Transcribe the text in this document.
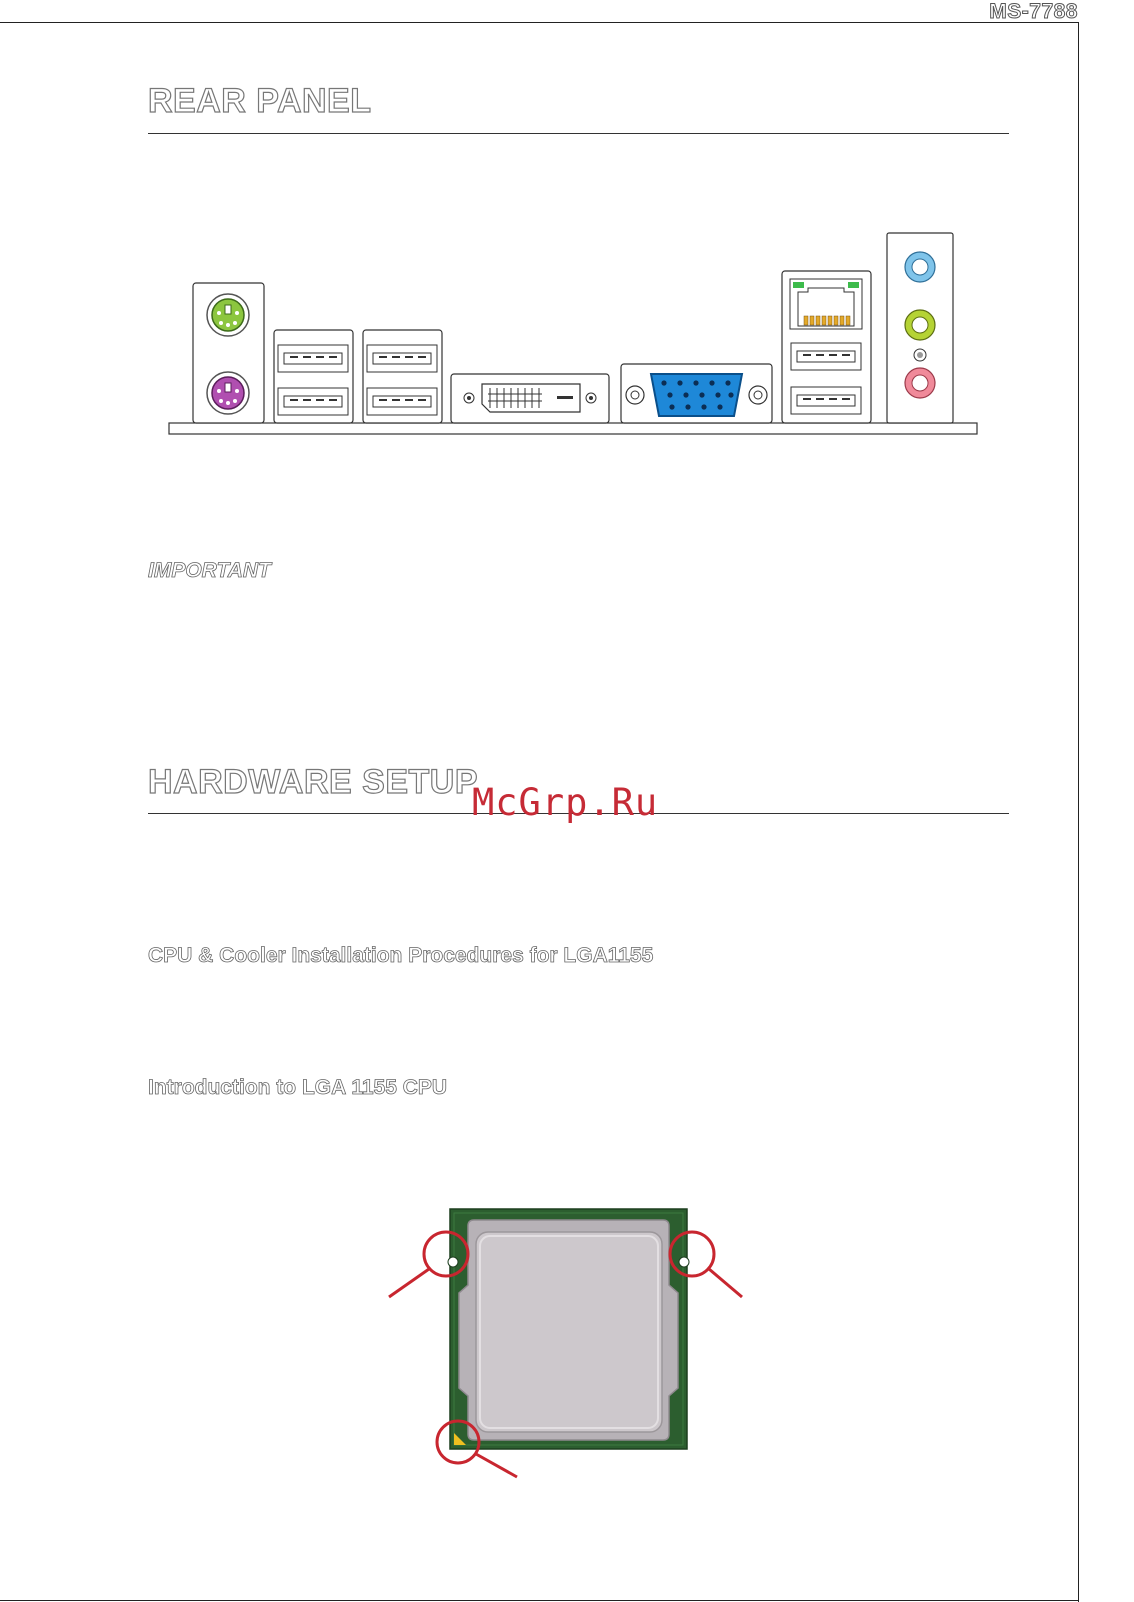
MS-7788
REAR PANEL
IMPORTANT
HARDWARE SETUP
McGrp.Ru
CPU & Cooler Installation Procedures for LGA1155
Introduction to LGA 1155 CPU
